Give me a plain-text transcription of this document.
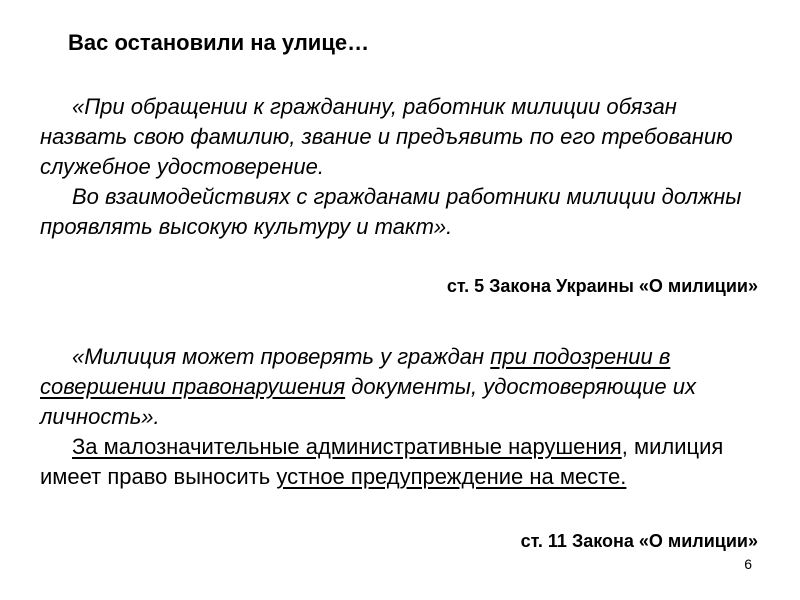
Вас остановили на улице…
«При обращении к гражданину, работник милиции обязан назвать свою фамилию, звание и предъявить по его требованию служебное удостоверение.
Во взаимодействиях с гражданами работники милиции должны проявлять высокую культуру и такт».
ст. 5 Закона Украины «О милиции»
«Милиция может проверять у граждан при подозрении в совершении правонарушения документы, удостоверяющие их личность».
За малозначительные административные нарушения, милиция имеет право выносить устное предупреждение на месте.
ст. 11 Закона «О милиции»
6
